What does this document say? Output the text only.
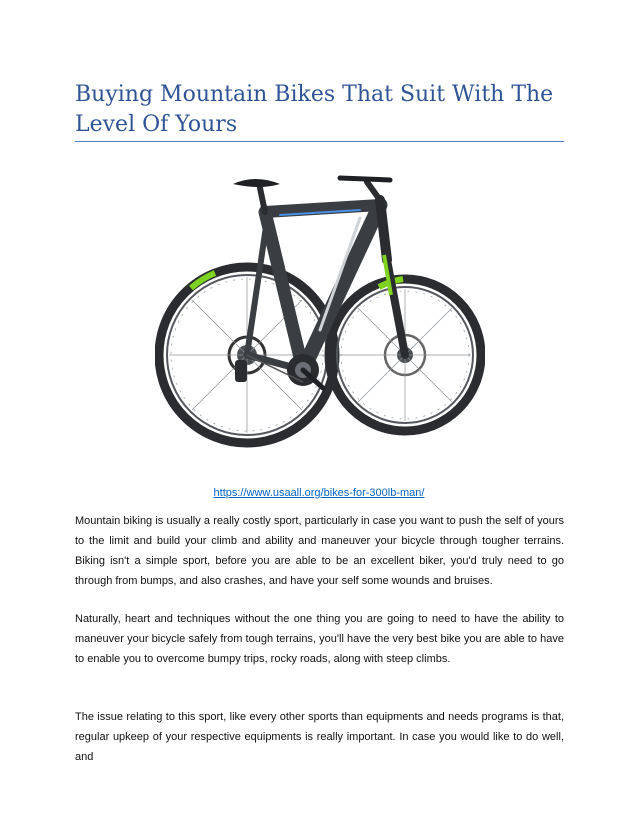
Buying Mountain Bikes That Suit With The Level Of Yours
https://www.usaall.org/bikes-for-300lb-man/

Mountain biking is usually a really costly sport, particularly in case you want to push the self of yours to the limit and build your climb and ability and maneuver your bicycle through tougher terrains. Biking isn't a simple sport, before you are able to be an excellent biker, you'd truly need to go through from bumps, and also crashes, and have your self some wounds and bruises.

Naturally, heart and techniques without the one thing you are going to need to have the ability to maneuver your bicycle safely from tough terrains, you'll have the very best bike you are able to have to enable you to overcome bumpy trips, rocky roads, along with steep climbs.

The issue relating to this sport, like every other sports than equipments and needs programs is that, regular upkeep of your respective equipments is really important. In case you would like to do well, and
